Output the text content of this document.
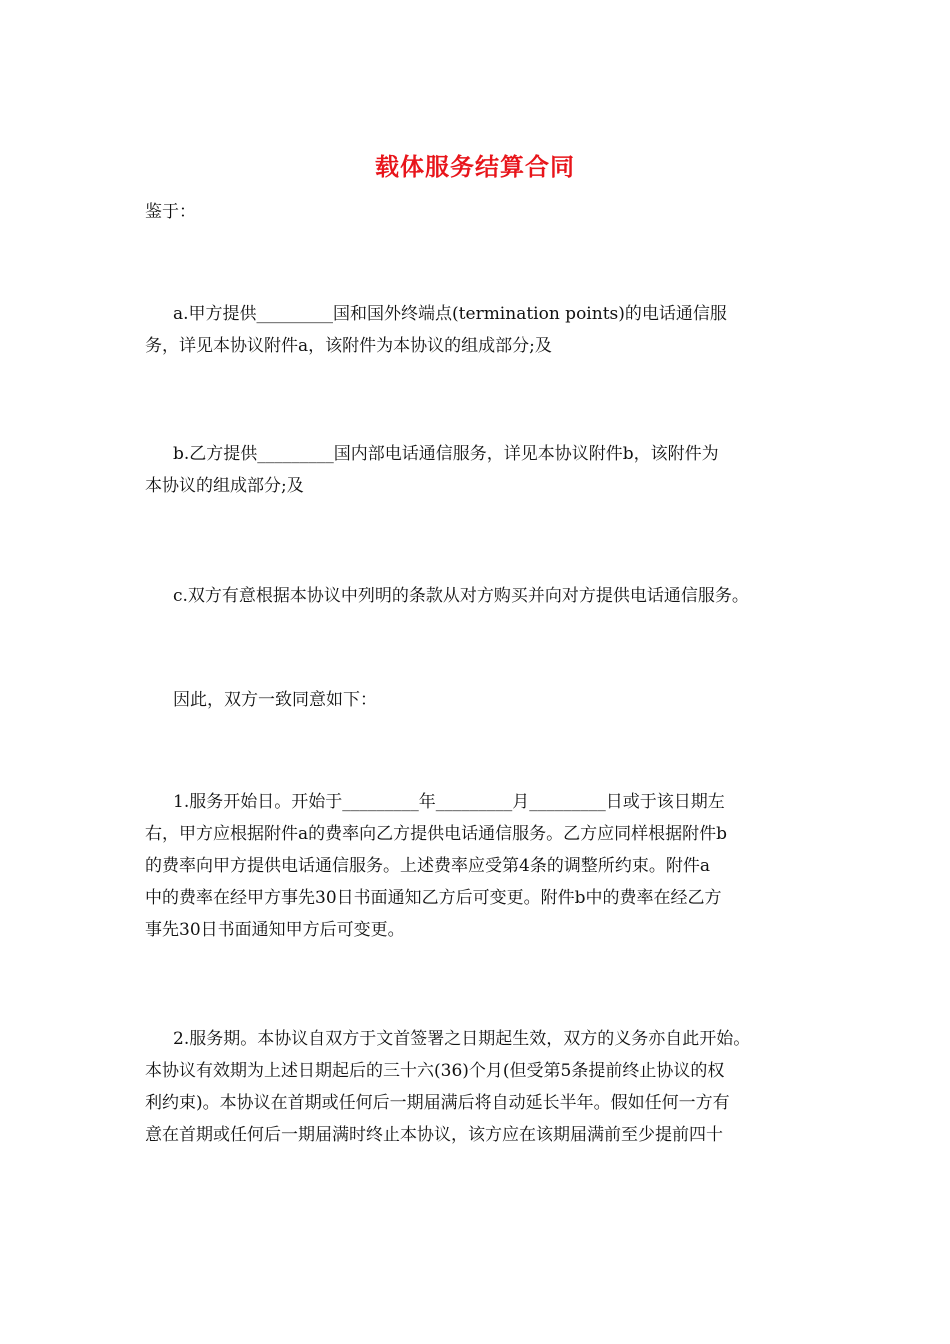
载体服务结算合同

鉴于：

a.甲方提供_________国和国外终端点(termination points)的电话通信服
务，详见本协议附件a，该附件为本协议的组成部分;及

b.乙方提供_________国内部电话通信服务，详见本协议附件b，该附件为
本协议的组成部分;及

c.双方有意根据本协议中列明的条款从对方购买并向对方提供电话通信服务。

因此，双方一致同意如下：

1.服务开始日。开始于_________年_________月_________日或于该日期左
右，甲方应根据附件a的费率向乙方提供电话通信服务。乙方应同样根据附件b
的费率向甲方提供电话通信服务。上述费率应受第4条的调整所约束。附件a
中的费率在经甲方事先30日书面通知乙方后可变更。附件b中的费率在经乙方
事先30日书面通知甲方后可变更。

2.服务期。本协议自双方于文首签署之日期起生效，双方的义务亦自此开始。
本协议有效期为上述日期起后的三十六(36)个月(但受第5条提前终止协议的权
利约束)。本协议在首期或任何后一期届满后将自动延长半年。假如任何一方有
意在首期或任何后一期届满时终止本协议，该方应在该期届满前至少提前四十
